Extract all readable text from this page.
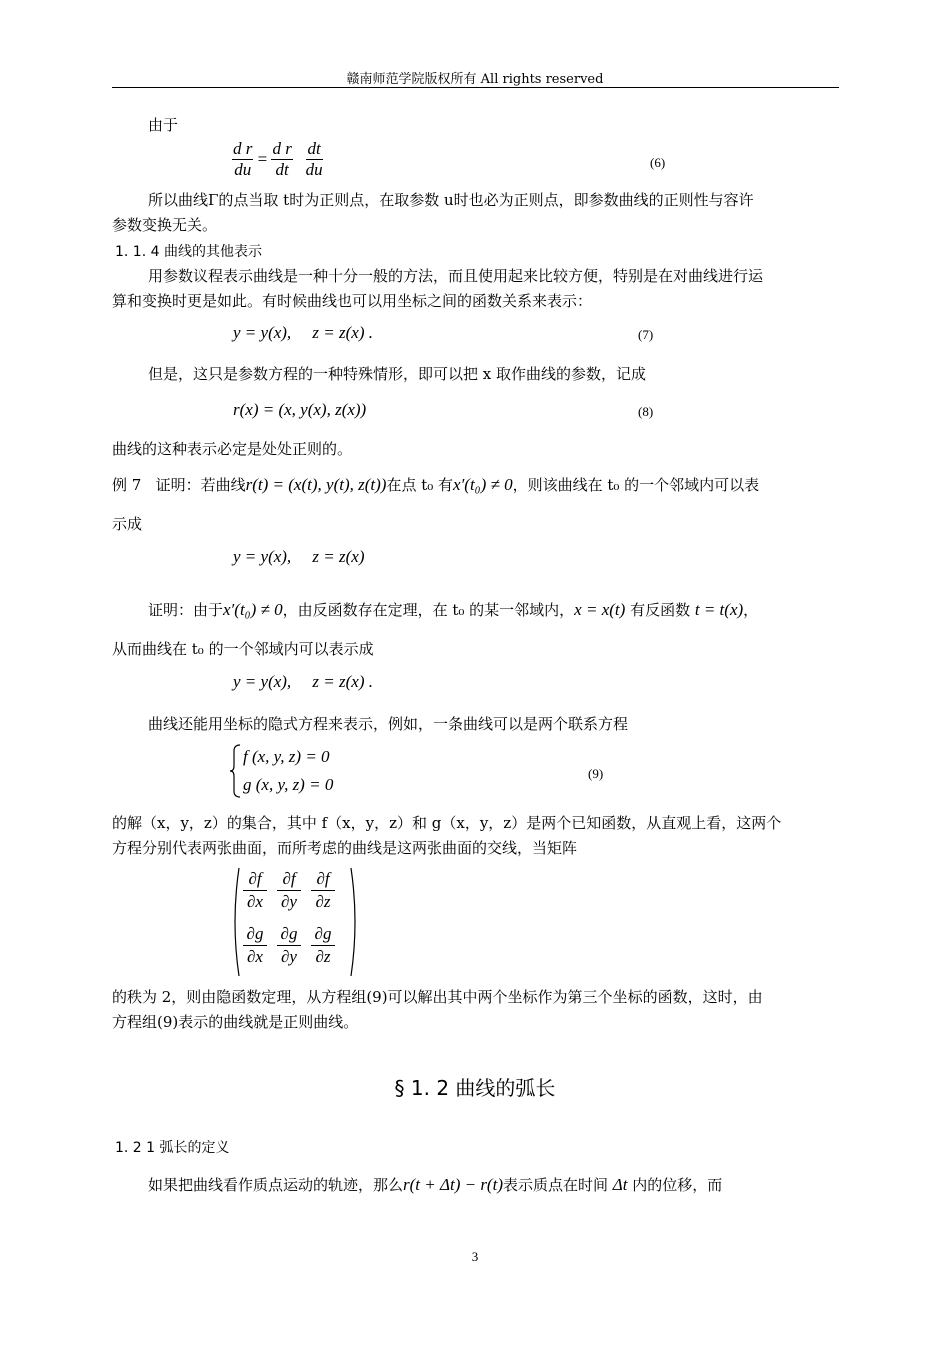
赣南师范学院版权所有 All rights reserved
由于
$\frac{\text{d r}}{du} = \frac{\text{d r}}{dt}$
$\frac{dt}{du}$	(6)
所以曲线Γ的点当取 t时为正则点，在取参数 u时也必为正则点，即参数曲线的正则性与容许
参数变换无关。
1. 1. 4 曲线的其他表示
用参数议程表示曲线是一种十分一般的方法，而且使用起来比较方便，特别是在对曲线进行运
算和变换时更是如此。有时候曲线也可以用坐标之间的函数关系来表示：
y = y(x),     z = z(x) .	(7)
但是，这只是参数方程的一种特殊情形，即可以把 x 取作曲线的参数，记成
r(x) = (x, y(x), z(x))	(8)
曲线的这种表示必定是处处正则的。
例 7 证明：若曲线r(t) = (x(t), y(t), z(t))在点 t₀ 有x′(t₀) ≠ 0，则该曲线在 t₀ 的一个邻域内可以表
示成
y = y(x),     z = z(x)
证明：由于x′(t₀) ≠ 0，由反函数存在定理，在 t₀ 的某一邻域内，x = x(t) 有反函数 t = t(x)，
从而曲线在 t₀ 的一个邻域内可以表示成
y = y(x),     z = z(x) .
曲线还能用坐标的隐式方程来表示，例如，一条曲线可以是两个联系方程
f (x, y, z) = 0
g (x, y, z) = 0
(9)
的解（x，y，z）的集合，其中 f（x，y，z）和 g（x，y，z）是两个已知函数，从直观上看，这两个
方程分别代表两张曲面，而所考虑的曲线是这两张曲面的交线，当矩阵
$\frac{\partial f}{\partial x} \frac{\partial f}{\partial y} \frac{\partial f}{\partial z}$
$\frac{\partial g}{\partial x} \frac{\partial g}{\partial y} \frac{\partial g}{\partial z}$
的秩为 2，则由隐函数定理，从方程组(9)可以解出其中两个坐标作为第三个坐标的函数，这时，由
方程组(9)表示的曲线就是正则曲线。
§ 1. 2 曲线的弧长
1. 2 1 弧长的定义
如果把曲线看作质点运动的轨迹，那么r(t + Δt) − r(t)表示质点在时间 Δt 内的位移，而
3
